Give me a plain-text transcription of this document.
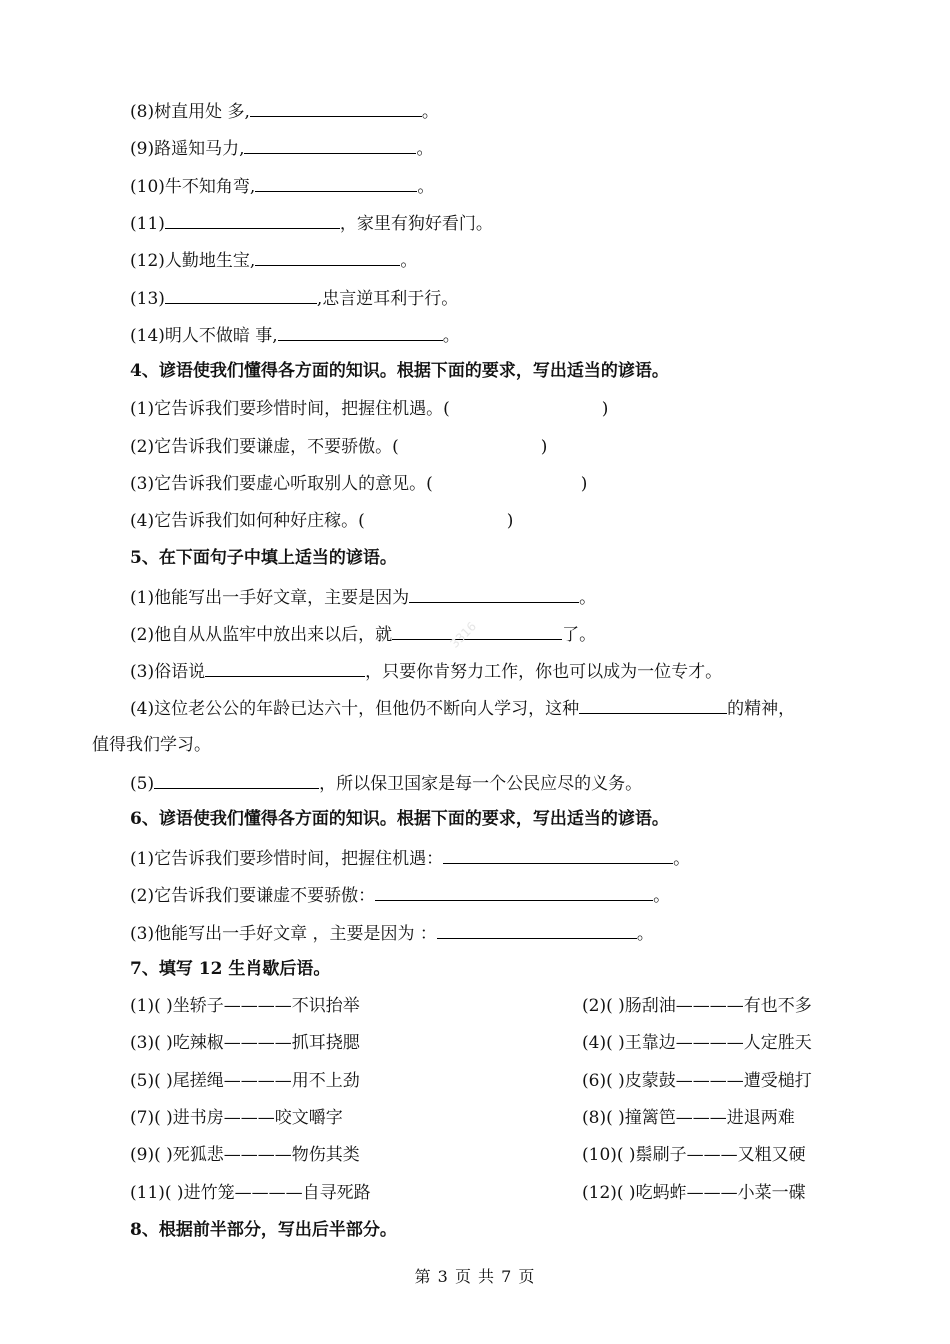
(8)树直用处 多,	。
(9)路遥知马力,	。
(10)牛不知角弯,	。
(11)	，家里有狗好看门。
(12)人勤地生宝,	。
(13)	,忠言逆耳利于行。
(14)明人不做暗 事,	。
4、谚语使我们懂得各方面的知识。根据下面的要求，写出适当的谚语。
(1)它告诉我们要珍惜时间，把握住机遇。(	)
(2)它告诉我们要谦虚，不要骄傲。(	)
(3)它告诉我们要虚心听取别人的意见。(	)
(4)它告诉我们如何种好庄稼。(	)
5、在下面句子中填上适当的谚语。
(1)他能写出一手好文章，主要是因为	。
(2)他自从从监牢中放出来以后，就	了。
(3)俗语说	，只要你肯努力工作，你也可以成为一位专才。
(4)这位老公公的年龄已达六十，但他仍不断向人学习，这种	的精神，
值得我们学习。
(5)	，所以保卫国家是每一个公民应尽的义务。
6、谚语使我们懂得各方面的知识。根据下面的要求，写出适当的谚语。
(1)它告诉我们要珍惜时间，把握住机遇：	。
(2)它告诉我们要谦虚不要骄傲：	。
(3)他能写出一手好文章 ，主要是因为 ：	。
7、填写 12 生肖歇后语。
(1)( )坐轿子————不识抬举	(2)( )肠刮油————有也不多
(3)( )吃辣椒————抓耳挠腮	(4)( )王靠边————人定胜天
(5)( )尾搓绳————用不上劲	(6)( )皮蒙鼓————遭受槌打
(7)( )进书房———咬文嚼字	(8)( )撞篱笆———进退两难
(9)( )死狐悲————物伤其类	(10)( )鬃刷子———又粗又硬
(11)( )进竹笼————自寻死路	(12)( )吃蚂蚱———小菜一碟
8、根据前半部分，写出后半部分。
3316
第 3 页 共 7 页
